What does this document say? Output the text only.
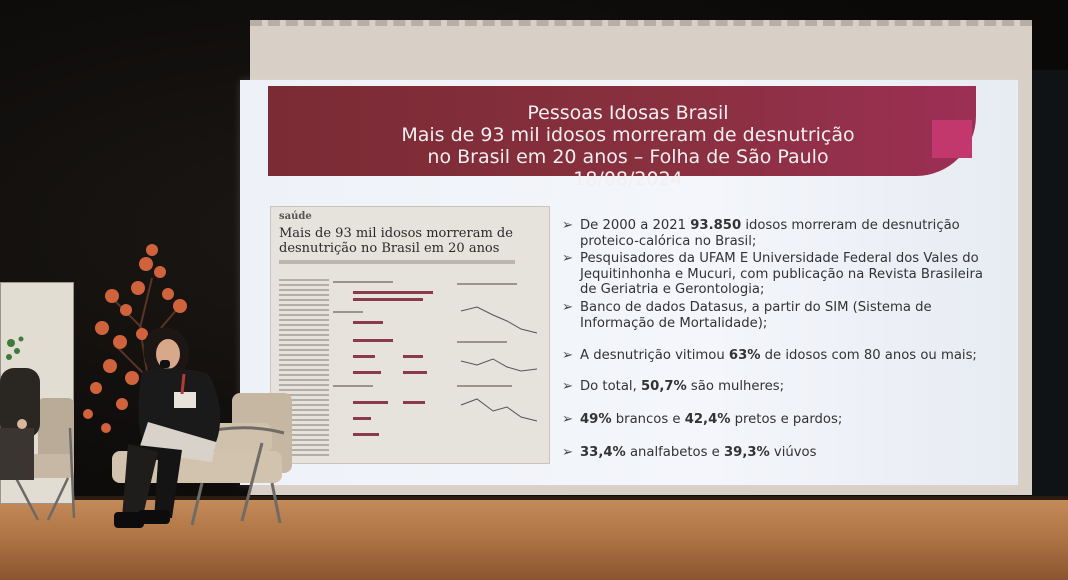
Pessoas Idosas Brasil
Mais de 93 mil idosos morreram de desnutrição
no Brasil em 20 anos – Folha de São Paulo
18/08/2024
saúde
Mais de 93 mil idosos morreram de
desnutrição no Brasil em 20 anos
➢ De 2000 a 2021 93.850 idosos morreram de desnutrição proteico-calórica no Brasil;
➢ Pesquisadores da UFAM E Universidade Federal dos Vales do Jequitinhonha e Mucuri, com publicação na Revista Brasileira de Geriatria e Gerontologia;
➢ Banco de dados Datasus, a partir do SIM (Sistema de Informação de Mortalidade);
➢ A desnutrição vitimou 63% de idosos com 80 anos ou mais;
➢ Do total, 50,7% são mulheres;
➢ 49% brancos e 42,4% pretos e pardos;
➢ 33,4% analfabetos e 39,3% viúvos
